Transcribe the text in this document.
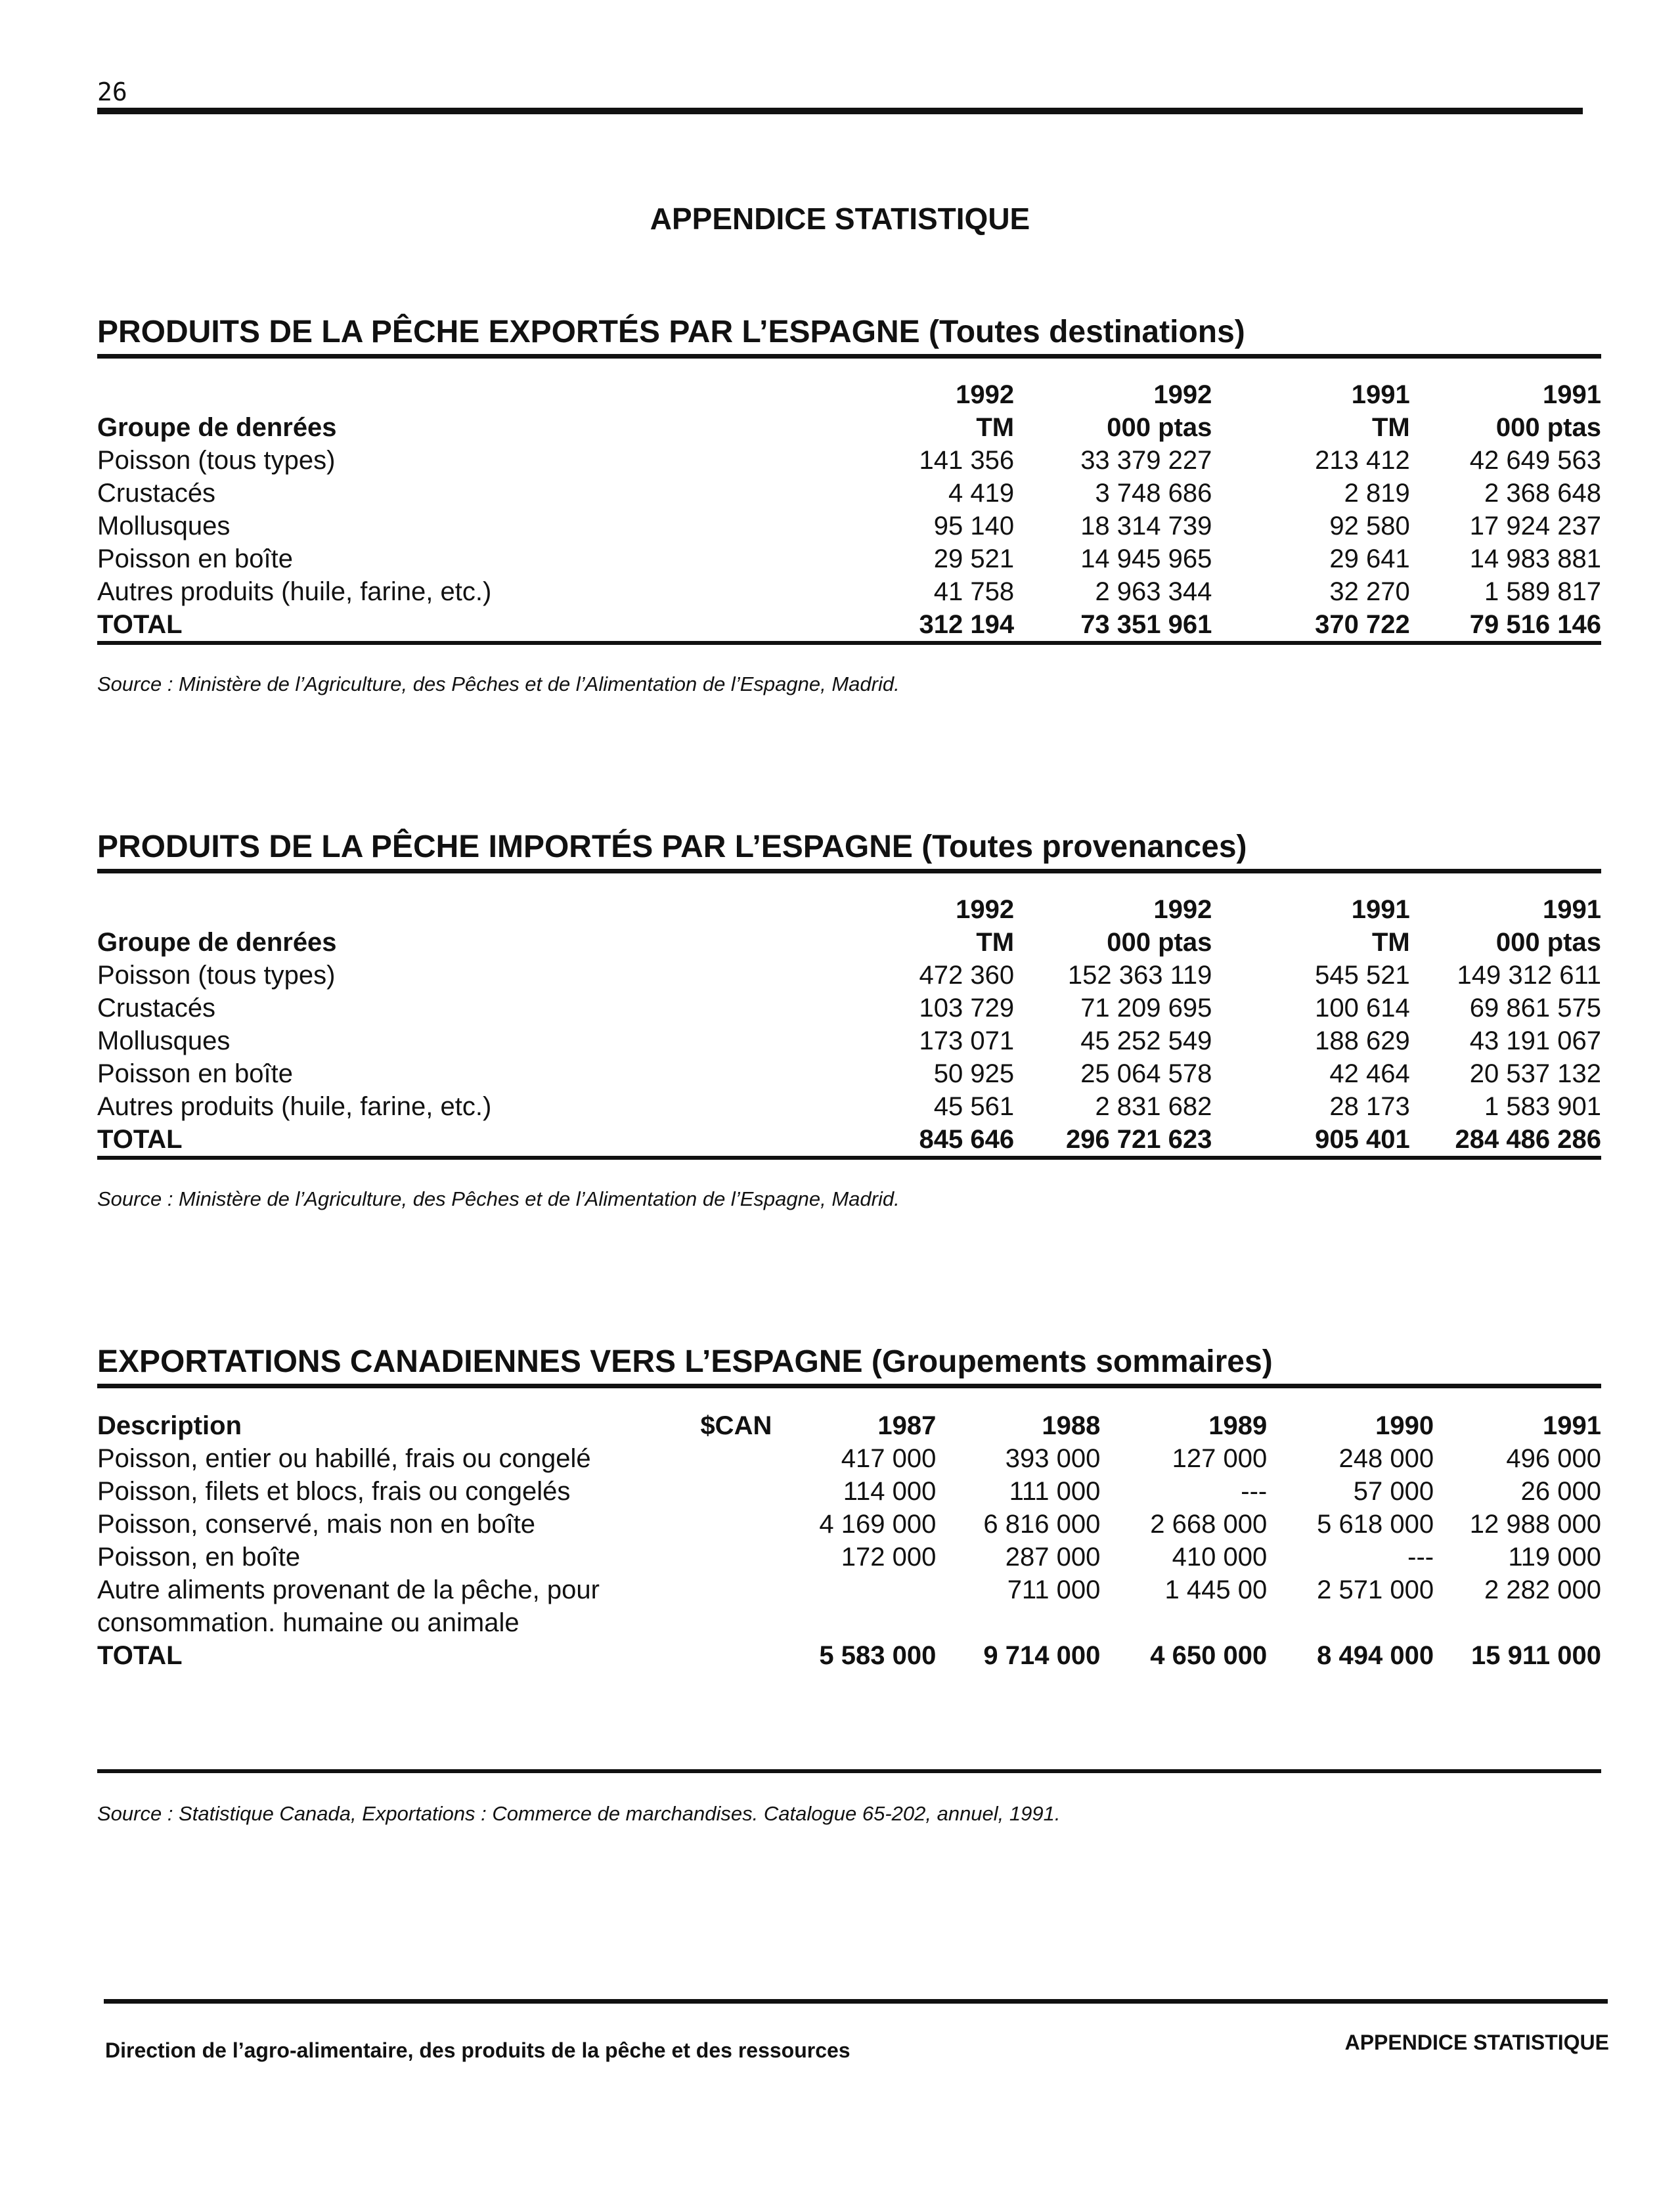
26
APPENDICE STATISTIQUE
PRODUITS DE LA PÊCHE EXPORTÉS PAR L’ESPAGNE (Toutes destinations)
	1992	1992	1991	1991
Groupe de denrées	TM	000 ptas	TM	000 ptas
Poisson (tous types)	141 356	33 379 227	213 412	42 649 563
Crustacés	4 419	3 748 686	2 819	2 368 648
Mollusques	95 140	18 314 739	92 580	17 924 237
Poisson en boîte	29 521	14 945 965	29 641	14 983 881
Autres produits (huile, farine, etc.)	41 758	2 963 344	32 270	1 589 817
TOTAL	312 194	73 351 961	370 722	79 516 146
Source : Ministère de l’Agriculture, des Pêches et de l’Alimentation de l’Espagne, Madrid.
PRODUITS DE LA PÊCHE IMPORTÉS PAR L’ESPAGNE (Toutes provenances)
	1992	1992	1991	1991
Groupe de denrées	TM	000 ptas	TM	000 ptas
Poisson (tous types)	472 360	152 363 119	545 521	149 312 611
Crustacés	103 729	71 209 695	100 614	69 861 575
Mollusques	173 071	45 252 549	188 629	43 191 067
Poisson en boîte	50 925	25 064 578	42 464	20 537 132
Autres produits (huile, farine, etc.)	45 561	2 831 682	28 173	1 583 901
TOTAL	845 646	296 721 623	905 401	284 486 286
Source : Ministère de l’Agriculture, des Pêches et de l’Alimentation de l’Espagne, Madrid.
EXPORTATIONS CANADIENNES VERS L’ESPAGNE (Groupements sommaires)
Description	$CAN	1987	1988	1989	1990	1991
Poisson, entier ou habillé, frais ou congelé		417 000	393 000	127 000	248 000	496 000
Poisson, filets et blocs, frais ou congelés		114 000	111 000	---	57 000	26 000
Poisson, conservé, mais non en boîte		4 169 000	6 816 000	2 668 000	5 618 000	12 988 000
Poisson, en boîte		172 000	287 000	410 000	---	119 000
Autre aliments provenant de la pêche, pour			711 000	1 445 00	2 571 000	2 282 000
consommation. humaine ou animale						
TOTAL		5 583 000	9 714 000	4 650 000	8 494 000	15 911 000
Source : Statistique Canada, Exportations : Commerce de marchandises. Catalogue 65-202, annuel, 1991.
Direction de l’agro-alimentaire, des produits de la pêche et des ressources	APPENDICE STATISTIQUE
